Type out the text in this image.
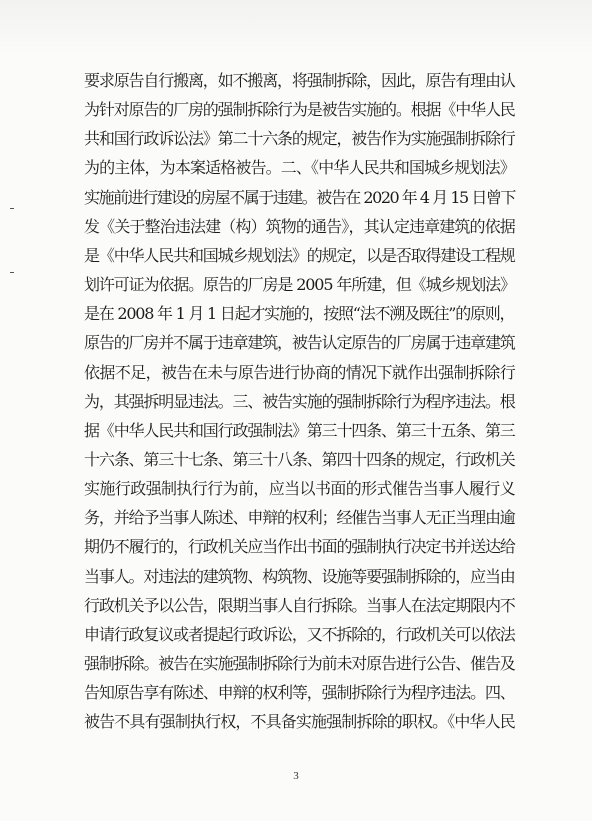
要求原告自行搬离，如不搬离，将强制拆除，因此，原告有理由认
为针对原告的厂房的强制拆除行为是被告实施的。根据《中华人民
共和国行政诉讼法》第二十六条的规定，被告作为实施强制拆除行
为的主体，为本案适格被告。二、《中华人民共和国城乡规划法》
实施前进行建设的房屋不属于违建。被告在 2020 年 4 月 15 日曾下
发《关于整治违法建（构）筑物的通告》，其认定违章建筑的依据
是《中华人民共和国城乡规划法》的规定，以是否取得建设工程规
划许可证为依据。原告的厂房是 2005 年所建，但《城乡规划法》
是在 2008 年 1 月 1 日起才实施的，按照“法不溯及既往”的原则，
原告的厂房并不属于违章建筑，被告认定原告的厂房属于违章建筑
依据不足，被告在未与原告进行协商的情况下就作出强制拆除行
为，其强拆明显违法。三、被告实施的强制拆除行为程序违法。根
据《中华人民共和国行政强制法》第三十四条、第三十五条、第三
十六条、第三十七条、第三十八条、第四十四条的规定，行政机关
实施行政强制执行行为前，应当以书面的形式催告当事人履行义
务，并给予当事人陈述、申辩的权利；经催告当事人无正当理由逾
期仍不履行的，行政机关应当作出书面的强制执行决定书并送达给
当事人。对违法的建筑物、构筑物、设施等要强制拆除的，应当由
行政机关予以公告，限期当事人自行拆除。当事人在法定期限内不
申请行政复议或者提起行政诉讼，又不拆除的，行政机关可以依法
强制拆除。被告在实施强制拆除行为前未对原告进行公告、催告及
告知原告享有陈述、申辩的权利等，强制拆除行为程序违法。四、
被告不具有强制执行权，不具备实施强制拆除的职权。《中华人民
3
